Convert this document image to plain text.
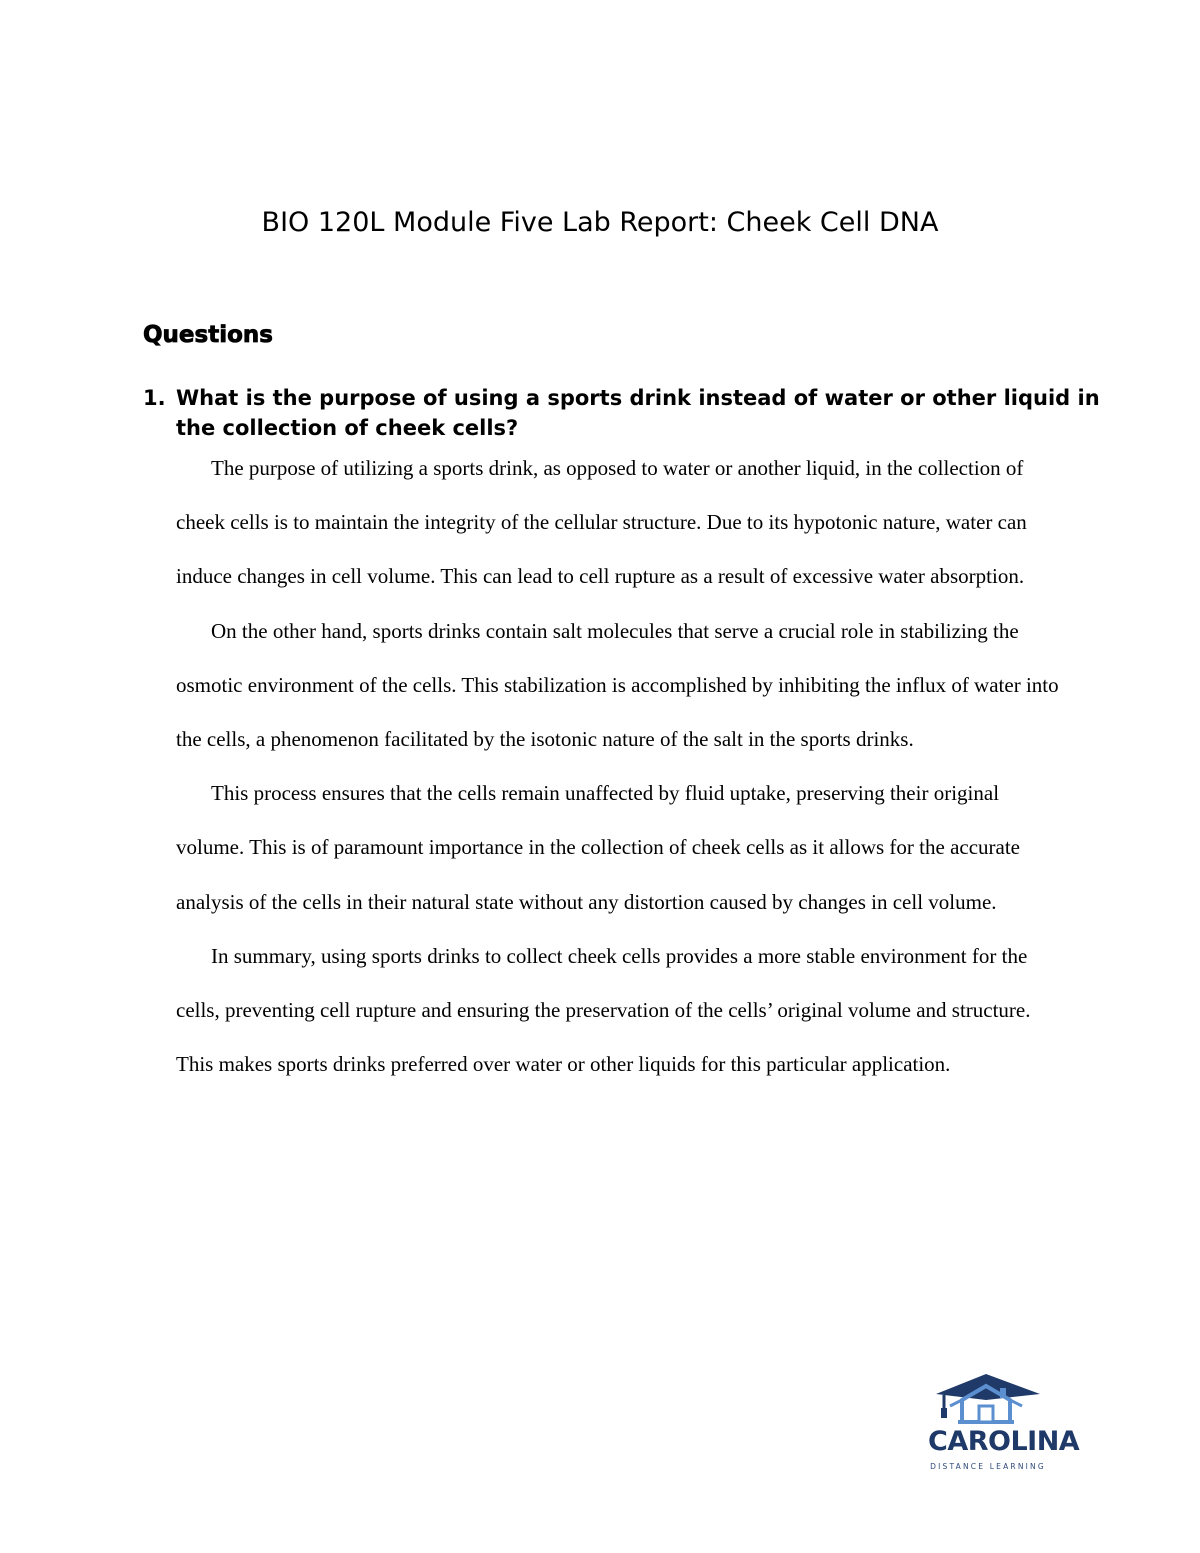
BIO 120L Module Five Lab Report: Cheek Cell DNA
Questions
1. What is the purpose of using a sports drink instead of water or other liquid in the collection of cheek cells?

The purpose of utilizing a sports drink, as opposed to water or another liquid, in the collection of cheek cells is to maintain the integrity of the cellular structure. Due to its hypotonic nature, water can induce changes in cell volume. This can lead to cell rupture as a result of excessive water absorption.

On the other hand, sports drinks contain salt molecules that serve a crucial role in stabilizing the osmotic environment of the cells. This stabilization is accomplished by inhibiting the influx of water into the cells, a phenomenon facilitated by the isotonic nature of the salt in the sports drinks.

This process ensures that the cells remain unaffected by fluid uptake, preserving their original volume. This is of paramount importance in the collection of cheek cells as it allows for the accurate analysis of the cells in their natural state without any distortion caused by changes in cell volume.

In summary, using sports drinks to collect cheek cells provides a more stable environment for the cells, preventing cell rupture and ensuring the preservation of the cells’ original volume and structure. This makes sports drinks preferred over water or other liquids for this particular application.

CAROLINA
DISTANCE LEARNING
